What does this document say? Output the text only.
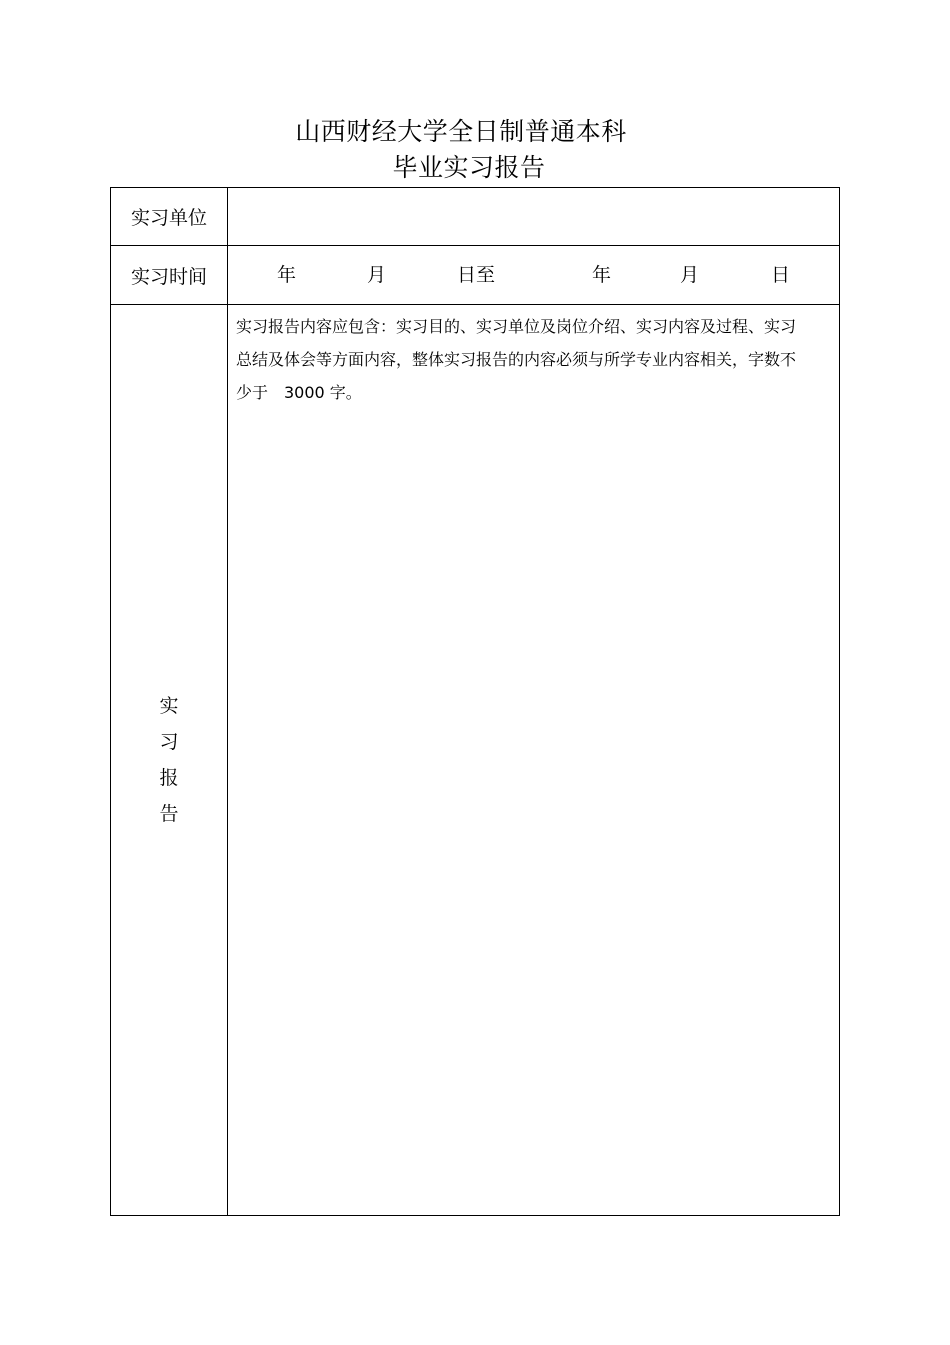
山西财经大学全日制普通本科
毕业实习报告
实习单位
实习时间	年	月	日至	年	月	日
实
习
报
告
实习报告内容应包含：实习目的、实习单位及岗位介绍、实习内容及过程、实习总结及体会等方面内容，整体实习报告的内容必须与所学专业内容相关，字数不少于　3000 字。
